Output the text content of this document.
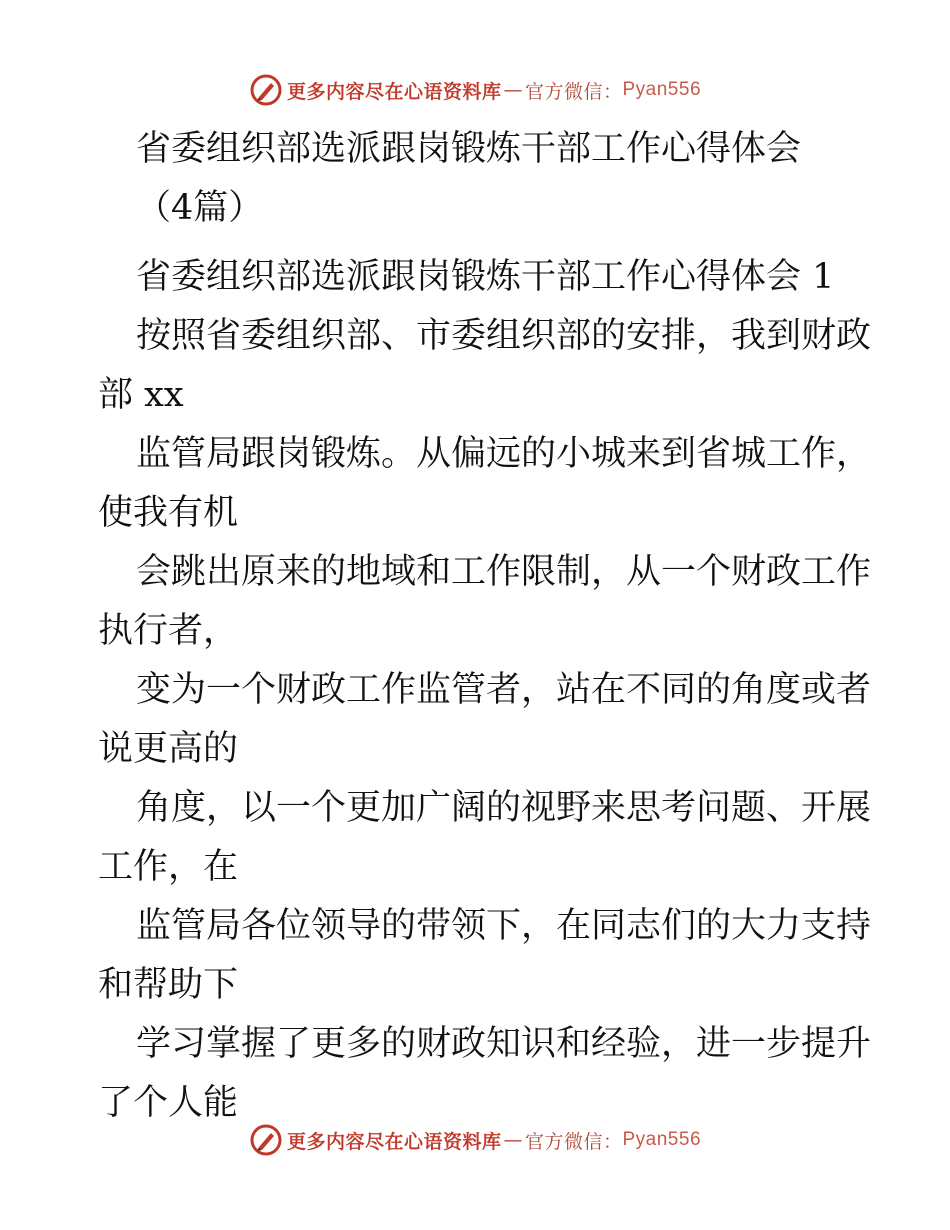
更多内容尽在心语资料库 — 官方微信： Pyan556
省委组织部选派跟岗锻炼干部工作心得体会
（4篇）
省委组织部选派跟岗锻炼干部工作心得体会 1
按照省委组织部、市委组织部的安排，我到财政
部 xx
监管局跟岗锻炼。从偏远的小城来到省城工作，
使我有机
会跳出原来的地域和工作限制，从一个财政工作
执行者，
变为一个财政工作监管者，站在不同的角度或者
说更高的
角度，以一个更加广阔的视野来思考问题、开展
工作，在
监管局各位领导的带领下，在同志们的大力支持
和帮助下
学习掌握了更多的财政知识和经验，进一步提升
了个人能
更多内容尽在心语资料库 — 官方微信： Pyan556
